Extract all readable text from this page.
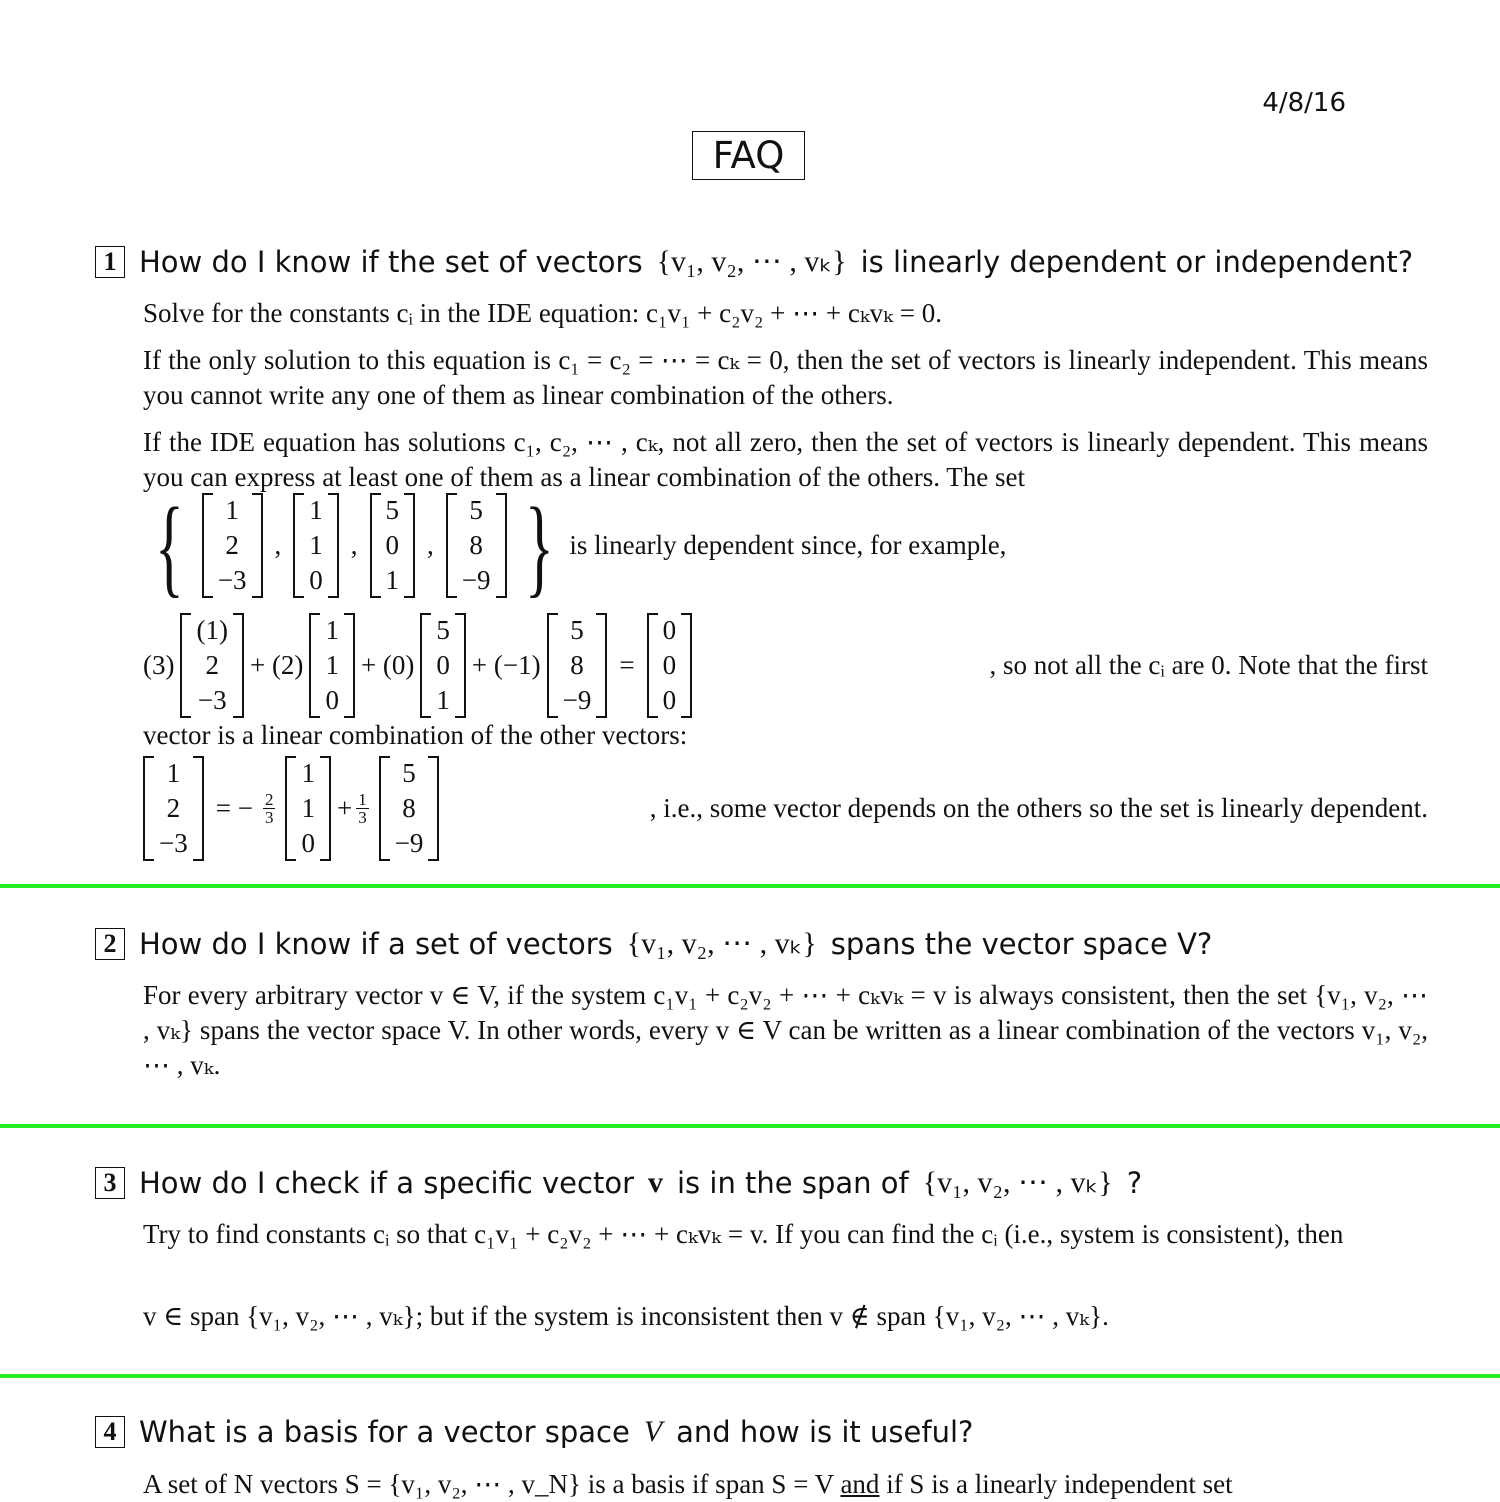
4/8/16
FAQ
1 How do I know if the set of vectors {v₁, v₂, ⋯ , vₖ} is linearly dependent or independent?
Solve for the constants cᵢ in the IDE equation: c₁v₁ + c₂v₂ + ⋯ + cₖvₖ = 0.
If the only solution to this equation is c₁ = c₂ = ⋯ = cₖ = 0, then the set of vectors is linearly independent. This means you cannot write any one of them as linear combination of the others.
If the IDE equation has solutions c₁, c₂, ⋯ , cₖ, not all zero, then the set of vectors is linearly dependent. This means you can express at least one of them as a linear combination of the others. The set
{ 1
2
−3
,
1
1
0
,
5
0
1
,
5
8
−9 } is linearly dependent since, for example,
(3)
(1)
2
−3
+ (2)
1
1
0
+ (0)
5
0
1
+ (−1)
5
8
−9
=
0
0
0
, so not all the cᵢ are 0. Note that the first
vector is a linear combination of the other vectors:
1
2
−3
= − $\frac{2}{3}$
1
1
0
+ $\frac{1}{3}$
5
8
−9
, i.e., some vector depends on the others so the set is linearly dependent.
2 How do I know if a set of vectors {v₁, v₂, ⋯ , vₖ} spans the vector space V?
For every arbitrary vector v ∈ V, if the system c₁v₁ + c₂v₂ + ⋯ + cₖvₖ = v is always consistent, then the set {v₁, v₂, ⋯ , vₖ} spans the vector space V. In other words, every v ∈ V can be written as a linear combination of the vectors v₁, v₂, ⋯ , vₖ.
3 How do I check if a specific vector v is in the span of {v₁, v₂, ⋯ , vₖ} ?
Try to find constants cᵢ so that c₁v₁ + c₂v₂ + ⋯ + cₖvₖ = v. If you can find the cᵢ (i.e., system is consistent), then
v ∈ span {v₁, v₂, ⋯ , vₖ}; but if the system is inconsistent then v ∉ span {v₁, v₂, ⋯ , vₖ}.
4 What is a basis for a vector space V and how is it useful?
A set of N vectors S = {v₁, v₂, ⋯ , v_N} is a basis if span S = V and if S is a linearly independent set
